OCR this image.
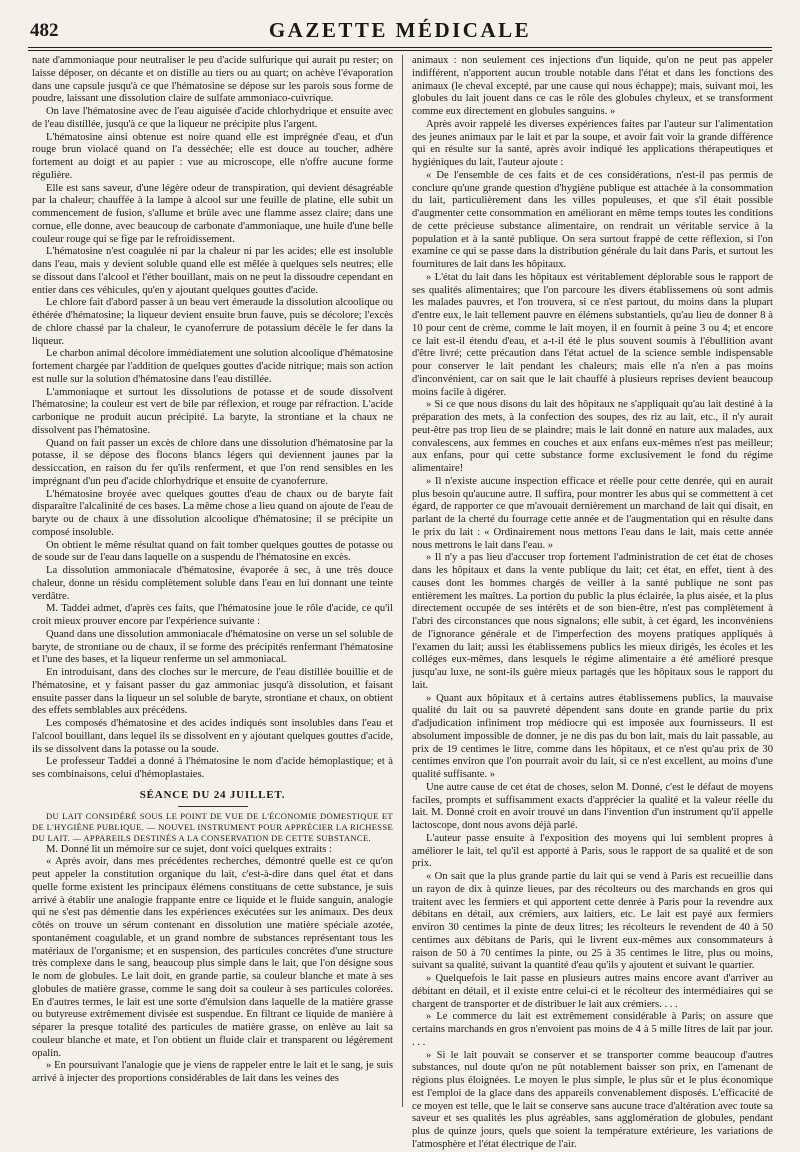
482	GAZETTE MÉDICALE

nate d'ammoniaque pour neutraliser le peu d'acide sulfurique qui aurait pu rester; on laisse déposer, on décante et on distille au tiers ou au quart; on achève l'évaporation dans une capsule jusqu'à ce que l'hématosine se dépose sur les parois sous forme de poudre, laissant une dissolution claire de sulfate ammoniaco-cuivrique.

On lave l'hématosine avec de l'eau aiguisée d'acide chlorhydrique et ensuite avec de l'eau distillée, jusqu'à ce que la liqueur ne précipite plus l'argent.

L'hématosine ainsi obtenue est noire quand elle est imprégnée d'eau, et d'un rouge brun violacé quand on l'a desséchée; elle est douce au toucher, adhère fortement au doigt et au papier : vue au microscope, elle n'offre aucune forme régulière.

Elle est sans saveur, d'une légère odeur de transpiration, qui devient désagréable par la chaleur; chauffée à la lampe à alcool sur une feuille de platine, elle subit un commencement de fusion, s'allume et brûle avec une flamme assez claire; dans une cornue, elle donne, avec beaucoup de carbonate d'ammoniaque, une huile d'une belle couleur rouge qui se fige par le refroidissement.

L'hématosine n'est coagulée ni par la chaleur ni par les acides; elle est insoluble dans l'eau, mais y devient soluble quand elle est mêlée à quelques sels neutres; elle se dissout dans l'alcool et l'éther bouillant, mais on ne peut la dissoudre cependant en entier dans ces véhicules, qu'en y ajoutant quelques gouttes d'acide.

Le chlore fait d'abord passer à un beau vert émeraude la dissolution alcoolique ou éthérée d'hématosine; la liqueur devient ensuite brun fauve, puis se décolore; l'excès de chlore chassé par la chaleur, le cyanoferrure de potassium décèle le fer dans la liqueur.

Le charbon animal décolore immédiatement une solution alcoolique d'hématosine fortement chargée par l'addition de quelques gouttes d'acide nitrique; mais son action est nulle sur la solution d'hématosine dans l'eau distillée.

L'ammoniaque et surtout les dissolutions de potasse et de soude dissolvent l'hématosine; la couleur est vert de bile par réflexion, et rouge par réfraction. L'acide carbonique ne produit aucun précipité. La baryte, la strontiane et la chaux ne dissolvent pas l'hématosine.

Quand on fait passer un excès de chlore dans une dissolution d'hématosine par la potasse, il se dépose des flocons blancs légers qui deviennent jaunes par la dessiccation, en raison du fer qu'ils renferment, et que l'on rend sensibles en les imprégnant d'un peu d'acide chlorhydrique et ensuite de cyanoferrure.

L'hématosine broyée avec quelques gouttes d'eau de chaux ou de baryte fait disparaître l'alcalinité de ces bases. La même chose a lieu quand on ajoute de l'eau de baryte ou de chaux à une dissolution alcoolique d'hématosine; il se précipite un composé insoluble.

On obtient le même résultat quand on fait tomber quelques gouttes de potasse ou de soude sur de l'eau dans laquelle on a suspendu de l'hématosine en excès.

La dissolution ammoniacale d'hématosine, évaporée à sec, à une très douce chaleur, donne un résidu complètement soluble dans l'eau en lui donnant une teinte verdâtre.

M. Taddei admet, d'après ces faits, que l'hématosine joue le rôle d'acide, ce qu'il croit mieux prouver encore par l'expérience suivante :

Quand dans une dissolution ammoniacale d'hématosine on verse un sel soluble de baryte, de strontiane ou de chaux, il se forme des précipités renfermant l'hématosine et l'une des bases, et la liqueur renferme un sel ammoniacal.

En introduisant, dans des cloches sur le mercure, de l'eau distillée bouillie et de l'hématosine, et y faisant passer du gaz ammoniac jusqu'à dissolution, et faisant ensuite passer dans la liqueur un sel soluble de baryte, strontiane et chaux, on obtient des effets semblables aux précédens.

Les composés d'hématosine et des acides indiqués sont insolubles dans l'eau et l'alcool bouillant, dans lequel ils se dissolvent en y ajoutant quelques gouttes d'acide, ils se dissolvent dans la potasse ou la soude.

Le professeur Taddei a donné à l'hématosine le nom d'acide hémoplastique; et à ses combinaisons, celui d'hémoplastaies.

SÉANCE DU 24 JUILLET.

DU LAIT CONSIDÉRÉ SOUS LE POINT DE VUE DE L'ÉCONOMIE DOMESTIQUE ET DE L'HYGIÈNE PUBLIQUE. — NOUVEL INSTRUMENT POUR APPRÉCIER LA RICHESSE DU LAIT. — APPAREILS DESTINÉS A LA CONSERVATION DE CETTE SUBSTANCE.

M. Donné lit un mémoire sur ce sujet, dont voici quelques extraits :

« Après avoir, dans mes précédentes recherches, démontré quelle est ce qu'on peut appeler la constitution organique du lait, c'est-à-dire dans quel état et dans quelle forme existent les principaux élémens constituans de cette substance, je suis arrivé à établir une analogie frappante entre ce liquide et le fluide sanguin, analogie qui ne s'est pas démentie dans les expériences exécutées sur les animaux. Des deux côtés on trouve un sérum contenant en dissolution une matière spéciale azotée, spontanément coagulable, et un grand nombre de substances représentant tous les matériaux de l'organisme; et en suspension, des particules concrètes d'une structure très complexe dans le sang, beaucoup plus simple dans le lait, que l'on désigne sous le nom de globules. Le lait doit, en grande partie, sa couleur blanche et mate à ses globules de matière grasse, comme le sang doit sa couleur à ses particules colorées. En d'autres termes, le lait est une sorte d'émulsion dans laquelle de la matière grasse ou butyreuse extrêmement divisée est suspendue. En filtrant ce liquide de manière à séparer la presque totalité des particules de matière grasse, on enlève au lait sa couleur blanche et mate, et l'on obtient un fluide clair et transparent ou légèrement opalin.

» En poursuivant l'analogie que je viens de rappeler entre le lait et le sang, je suis arrivé à injecter des proportions considérables de lait dans les veines des

animaux : non seulement ces injections d'un liquide, qu'on ne peut pas appeler indifférent, n'apportent aucun trouble notable dans l'état et dans les fonctions des animaux (le cheval excepté, par une cause qui nous échappe); mais, suivant moi, les globules du lait jouent dans ce cas le rôle des globules chyleux, et se transforment comme eux directement en globules sanguins. »

Après avoir rappelé les diverses expériences faites par l'auteur sur l'alimentation des jeunes animaux par le lait et par la soupe, et avoir fait voir la grande différence qui en résulte sur la santé, après avoir indiqué les applications thérapeutiques et hygiéniques du lait, l'auteur ajoute :

« De l'ensemble de ces faits et de ces considérations, n'est-il pas permis de conclure qu'une grande question d'hygiène publique est attachée à la consommation du lait, particulièrement dans les villes populeuses, et que s'il était possible d'augmenter cette consommation en améliorant en même temps toutes les conditions de cette précieuse substance alimentaire, on rendrait un véritable service à la population et à la santé publique. On sera surtout frappé de cette réflexion, si l'on examine ce qui se passe dans la distribution générale du lait dans Paris, et surtout les fournitures de lait dans les hôpitaux.

» L'état du lait dans les hôpitaux est véritablement déplorable sous le rapport de ses qualités alimentaires; que l'on parcoure les divers établissemens où sont admis les malades pauvres, et l'on trouvera, si ce n'est partout, du moins dans la plupart d'entre eux, le lait tellement pauvre en élémens substantiels, qu'au lieu de donner 8 à 10 pour cent de crème, comme le lait moyen, il en fournit à peine 3 ou 4; et encore ce lait est-il étendu d'eau, et a-t-il été le plus souvent soumis à l'ébullition avant d'être livré; cette précaution dans l'état actuel de la science semble indispensable pour conserver le lait pendant les chaleurs; mais elle n'a n'en a pas moins d'inconvénient, car on sait que le lait chauffé à plusieurs reprises devient beaucoup moins facile à digérer.

» Si ce que nous disons du lait des hôpitaux ne s'appliquait qu'au lait destiné à la préparation des mets, à la confection des soupes, des riz au lait, etc., il n'y aurait peut-être pas trop lieu de se plaindre; mais le lait donné en nature aux malades, aux convalescens, aux femmes en couches et aux enfans eux-mêmes n'est pas meilleur; aux enfans, pour qui cette substance forme exclusivement le fond du régime alimentaire!

» Il n'existe aucune inspection efficace et réelle pour cette denrée, qui en aurait plus besoin qu'aucune autre. Il suffira, pour montrer les abus qui se commettent à cet égard, de rapporter ce que m'avouait dernièrement un marchand de lait qui disait, en parlant de la cherté du fourrage cette année et de l'augmentation qui en résulte dans le prix du lait : « Ordinairement nous mettons l'eau dans le lait, mais cette année nous mettrons le lait dans l'eau. »

» Il n'y a pas lieu d'accuser trop fortement l'administration de cet état de choses dans les hôpitaux et dans la vente publique du lait; cet état, en effet, tient à des causes dont les hommes chargés de veiller à la santé publique ne sont pas entièrement les maîtres. La portion du public la plus éclairée, la plus aisée, et la plus directement occupée de ses intérêts et de son bien-être, n'est pas complètement à l'abri des circonstances que nous signalons; elle subit, à cet égard, les inconvéniens de l'ignorance générale et de l'imperfection des moyens pratiques appliqués à l'examen du lait; aussi les établissemens publics les mieux dirigés, les écoles et les colléges eux-mêmes, dans lesquels le régime alimentaire a été amélioré presque jusqu'au luxe, ne sont-ils guère mieux partagés que les hôpitaux sous le rapport du lait.

» Quant aux hôpitaux et à certains autres établissemens publics, la mauvaise qualité du lait ou sa pauvreté dépendent sans doute en grande partie du prix d'adjudication infiniment trop médiocre qui est imposée aux fournisseurs. Il est absolument impossible de donner, je ne dis pas du bon lait, mais du lait passable, au prix de 19 centimes le litre, comme dans les hôpitaux, et ce n'est qu'au prix de 30 centimes environ que l'on pourrait avoir du lait, si ce n'est excellent, au moins d'une qualité suffisante. »

Une autre cause de cet état de choses, selon M. Donné, c'est le défaut de moyens faciles, prompts et suffisamment exacts d'apprécier la qualité et la valeur réelle du lait. M. Donné croit en avoir trouvé un dans l'invention d'un instrument qu'il appelle lactoscope, dont nous avons déjà parlé.

L'auteur passe ensuite à l'exposition des moyens qui lui semblent propres à améliorer le lait, tel qu'il est apporté à Paris, sous le rapport de sa qualité et de son prix.

« On sait que la plus grande partie du lait qui se vend à Paris est recueillie dans un rayon de dix à quinze lieues, par des récolteurs ou des marchands en gros qui traitent avec les fermiers et qui apportent cette denrée à Paris pour la revendre aux débitans en détail, aux crémiers, aux laitiers, etc. Le lait est payé aux fermiers environ 30 centimes la pinte de deux litres; les récolteurs le revendent de 40 à 50 centimes aux débitans de Paris, qui le livrent eux-mêmes aux consommateurs à raison de 50 à 70 centimes la pinte, ou 25 à 35 centimes le litre, plus ou moins, suivant sa qualité, suivant la quantité d'eau qu'ils y ajoutent et suivant le quartier.

» Quelquefois le lait passe en plusieurs autres mains encore avant d'arriver au débitant en détail, et il existe entre celui-ci et le récolteur des intermédiaires qui se chargent de transporter et de distribuer le lait aux crémiers. . . .

» Le commerce du lait est extrêmement considérable à Paris; on assure que certains marchands en gros n'envoient pas moins de 4 à 5 mille litres de lait par jour. . . .

» Si le lait pouvait se conserver et se transporter comme beaucoup d'autres substances, nul doute qu'on ne pût notablement baisser son prix, en l'amenant de régions plus éloignées. Le moyen le plus simple, le plus sûr et le plus économique est l'emploi de la glace dans des appareils convenablement disposés. L'efficacité de ce moyen est telle, que le lait se conserve sans aucune trace d'altération avec toute sa saveur et ses qualités les plus agréables, sans agglomération de globules, pendant plus de quinze jours, quels que soient la température extérieure, les variations de l'atmosphère et l'état électrique de l'air.
